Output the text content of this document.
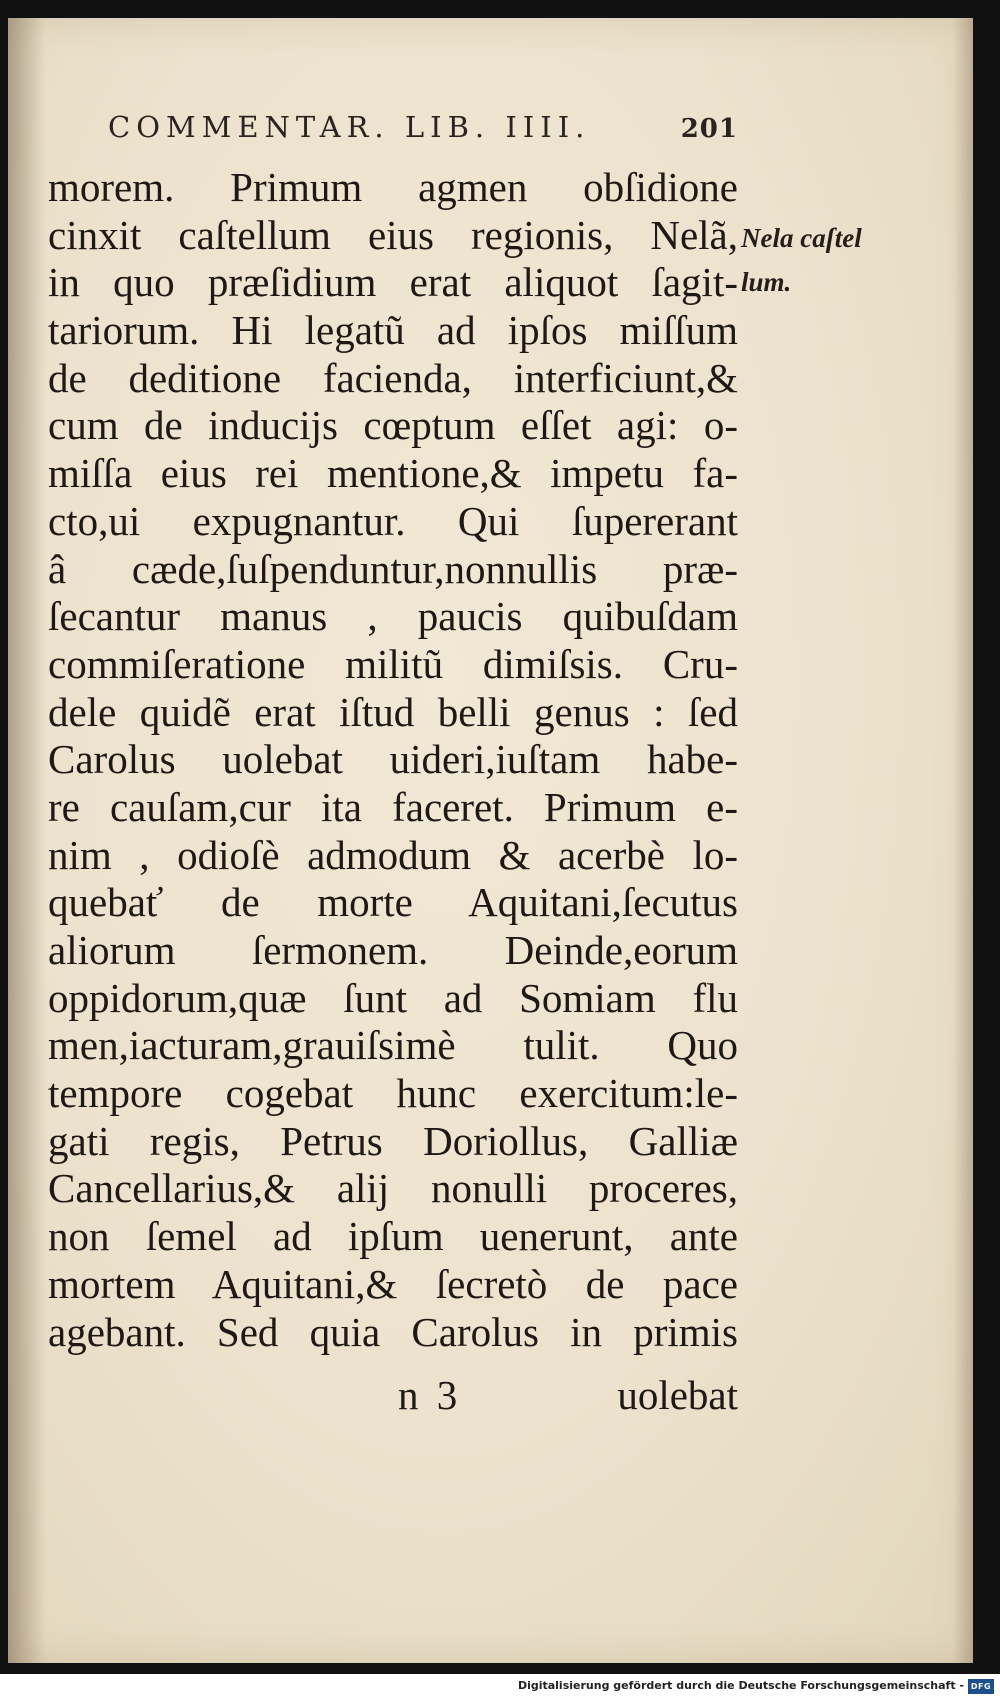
COMMENTAR. LIB. IIII.	201
morem. Primum agmen obſidione
cinxit caſtellum eius regionis, Nelã,
in quo præſidium erat aliquot ſagit-
tariorum. Hi legatũ ad ipſos miſſum
de deditione facienda, interficiunt,&
cum de inducijs cœptum eſſet agi: o-
miſſa eius rei mentione,& impetu fa-
cto,ui expugnantur. Qui ſupererant
â cæde,ſuſpenduntur,nonnullis præ-
ſecantur manus , paucis quibuſdam
commiſeratione militũ dimiſsis. Cru-
dele quidẽ erat iſtud belli genus : ſed
Carolus uolebat uideri,iuſtam habe-
re cauſam,cur ita faceret. Primum e-
nim , odioſè admodum & acerbè lo-
quebať de morte Aquitani,ſecutus
aliorum ſermonem. Deinde,eorum
oppidorum,quæ ſunt ad Somiam flu
men,iacturam,grauiſsimè tulit. Quo
tempore cogebat hunc exercitum:le-
gati regis, Petrus Doriollus, Galliæ
Cancellarius,& alij nonulli proceres,
non ſemel ad ipſum uenerunt, ante
mortem Aquitani,& ſecretò de pace
agebant. Sed quia Carolus in primis
Nela caſtel
lum.
n 3	uolebat
Digitalisierung gefördert durch die Deutsche Forschungsgemeinschaft - DFG
